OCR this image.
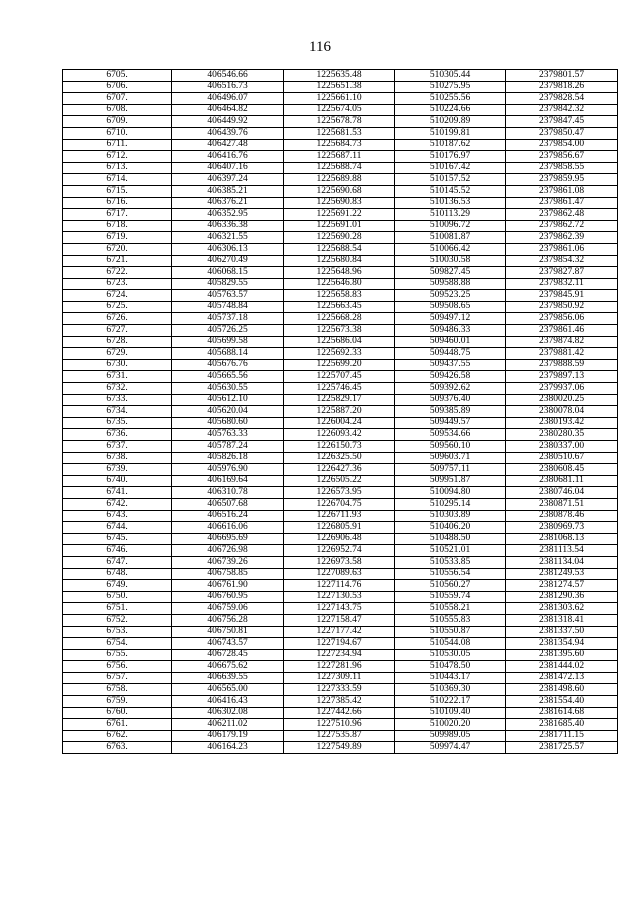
116
6705.	406546.66	1225635.48	510305.44	2379801.57
6706.	406516.73	1225651.38	510275.95	2379818.26
6707.	406496.07	1225661.10	510255.56	2379828.54
6708.	406464.82	1225674.05	510224.66	2379842.32
6709.	406449.92	1225678.78	510209.89	2379847.45
6710.	406439.76	1225681.53	510199.81	2379850.47
6711.	406427.48	1225684.73	510187.62	2379854.00
6712.	406416.76	1225687.11	510176.97	2379856.67
6713.	406407.16	1225688.74	510167.42	2379858.55
6714.	406397.24	1225689.88	510157.52	2379859.95
6715.	406385.21	1225690.68	510145.52	2379861.08
6716.	406376.21	1225690.83	510136.53	2379861.47
6717.	406352.95	1225691.22	510113.29	2379862.48
6718.	406336.38	1225691.01	510096.72	2379862.72
6719.	406321.55	1225690.28	510081.87	2379862.39
6720.	406306.13	1225688.54	510066.42	2379861.06
6721.	406270.49	1225680.84	510030.58	2379854.32
6722.	406068.15	1225648.96	509827.45	2379827.87
6723.	405829.55	1225646.80	509588.88	2379832.11
6724.	405763.57	1225658.83	509523.25	2379845.91
6725.	405748.84	1225663.45	509508.65	2379850.92
6726.	405737.18	1225668.28	509497.12	2379856.06
6727.	405726.25	1225673.38	509486.33	2379861.46
6728.	405699.58	1225686.04	509460.01	2379874.82
6729.	405688.14	1225692.33	509448.75	2379881.42
6730.	405676.76	1225699.20	509437.55	2379888.59
6731.	405665.56	1225707.45	509426.58	2379897.13
6732.	405630.55	1225746.45	509392.62	2379937.06
6733.	405612.10	1225829.17	509376.40	2380020.25
6734.	405620.04	1225887.20	509385.89	2380078.04
6735.	405680.60	1226004.24	509449.57	2380193.42
6736.	405763.33	1226093.42	509534.66	2380280.35
6737.	405787.24	1226150.73	509560.10	2380337.00
6738.	405826.18	1226325.50	509603.71	2380510.67
6739.	405976.90	1226427.36	509757.11	2380608.45
6740.	406169.64	1226505.22	509951.87	2380681.11
6741.	406310.78	1226573.95	510094.80	2380746.04
6742.	406507.68	1226704.75	510295.14	2380871.51
6743.	406516.24	1226711.93	510303.89	2380878.46
6744.	406616.06	1226805.91	510406.20	2380969.73
6745.	406695.69	1226906.48	510488.50	2381068.13
6746.	406726.98	1226952.74	510521.01	2381113.54
6747.	406739.26	1226973.58	510533.85	2381134.04
6748.	406758.85	1227089.63	510556.54	2381249.53
6749.	406761.90	1227114.76	510560.27	2381274.57
6750.	406760.95	1227130.53	510559.74	2381290.36
6751.	406759.06	1227143.75	510558.21	2381303.62
6752.	406756.28	1227158.47	510555.83	2381318.41
6753.	406750.81	1227177.42	510550.87	2381337.50
6754.	406743.57	1227194.67	510544.08	2381354.94
6755.	406728.45	1227234.94	510530.05	2381395.60
6756.	406675.62	1227281.96	510478.50	2381444.02
6757.	406639.55	1227309.11	510443.17	2381472.13
6758.	406565.00	1227333.59	510369.30	2381498.60
6759.	406416.43	1227385.42	510222.17	2381554.40
6760.	406302.08	1227442.66	510109.40	2381614.68
6761.	406211.02	1227510.96	510020.20	2381685.40
6762.	406179.19	1227535.87	509989.05	2381711.15
6763.	406164.23	1227549.89	509974.47	2381725.57
